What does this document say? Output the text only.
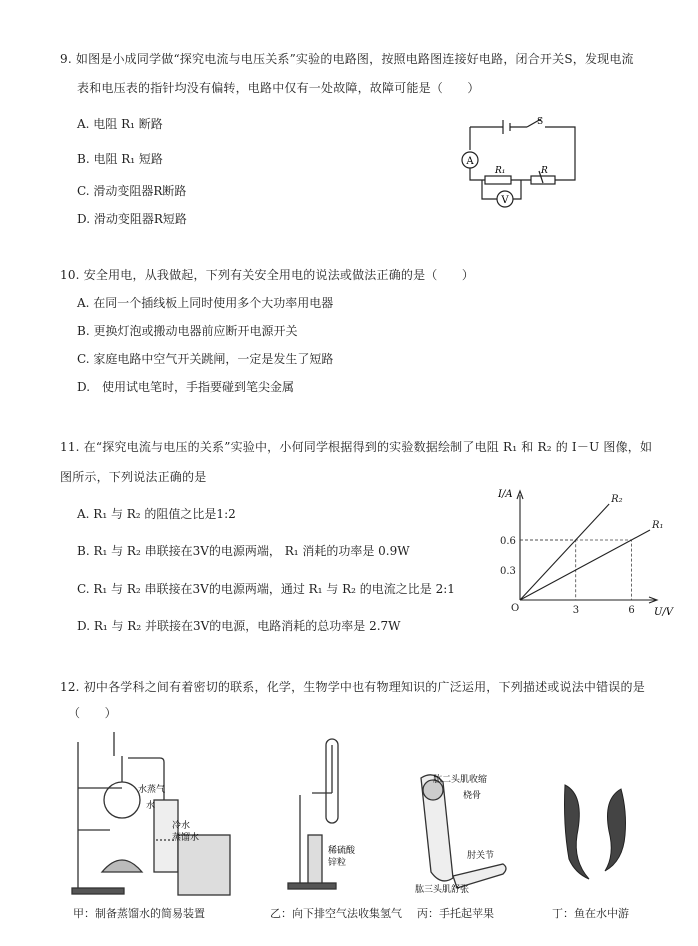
9. 如图是小成同学做“探究电流与电压关系”实验的电路图，按照电路图连接好电路，闭合开关S，发现电流
表和电压表的指针均没有偏转，电路中仅有一处故障，故障可能是（　　）
A. 电阻 R₁ 断路
B. 电阻 R₁ 短路
C. 滑动变阻器R断路
D. 滑动变阻器R短路
A
V
S
R₁	R
10. 安全用电，从我做起，下列有关安全用电的说法或做法正确的是（　　）
A. 在同一个插线板上同时使用多个大功率用电器
B. 更换灯泡或搬动电器前应断开电源开关
C. 家庭电路中空气开关跳闸，一定是发生了短路
D.　使用试电笔时，手指要碰到笔尖金属
11. 在“探究电流与电压的关系”实验中，小何同学根据得到的实验数据绘制了电阻 R₁ 和 R₂ 的 I－U 图像，如
图所示，下列说法正确的是
A. R₁ 与 R₂ 的阻值之比是1:2
B. R₁ 与 R₂ 串联接在3V的电源两端， R₁ 消耗的功率是 0.9W
C. R₁ 与 R₂ 串联接在3V的电源两端，通过 R₁ 与 R₂ 的电流之比是 2:1
D. R₁ 与 R₂ 并联接在3V的电源，电路消耗的总功率是 2.7W
R₂
R₁
3	6
0.6
0.3
O
I/A
U/V
12. 初中各学科之间有着密切的联系，化学，生物学中也有物理知识的广泛运用，下列描述或说法中错误的是
（　　）
水蒸气
水
冷水
蒸馏水
稀硫酸
锌粒
肱二头肌收缩
桡骨
肘关节
肱三头肌舒张
甲：制备蒸馏水的简易装置	乙：向下排空气法收集氢气 丙：手托起苹果	丁：鱼在水中游
